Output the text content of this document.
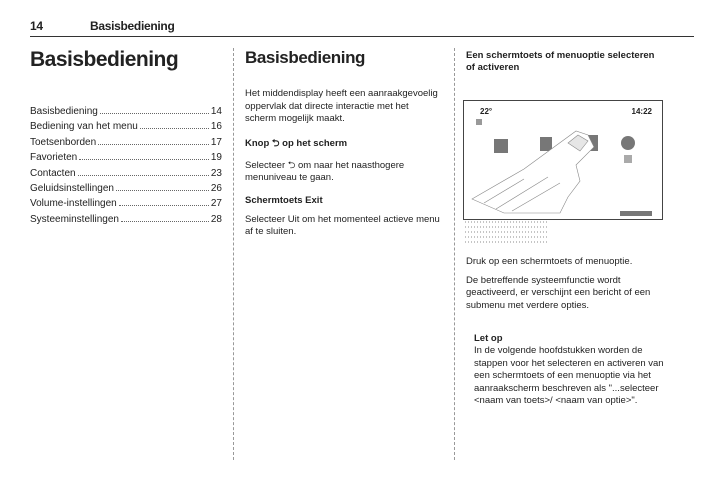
14	Basisbediening
Basisbediening
Basisbediening	14
Bediening van het menu	16
Toetsenborden	17
Favorieten	19
Contacten	23
Geluidsinstellingen	26
Volume-instellingen	27
Systeeminstellingen	28
Basisbediening

Het middendisplay heeft een aanraakgevoelig oppervlak dat directe interactie met het scherm mogelijk maakt.

Knop ⮌ op het scherm

Selecteer ⮌ om naar het naasthogere menuniveau te gaan.

Schermtoets Exit

Selecteer Uit om het momenteel actieve menu af te sluiten.

Een schermtoets of menuoptie selecteren of activeren
22°	14:22

Druk op een schermtoets of menuoptie.

De betreffende systeemfunctie wordt geactiveerd, er verschijnt een bericht of een submenu met verdere opties.

Let op

In de volgende hoofdstukken worden de stappen voor het selecteren en activeren van een schermtoets of een menuoptie via het aanraakscherm beschreven als "...selecteer <naam van toets>/ <naam van optie>".
